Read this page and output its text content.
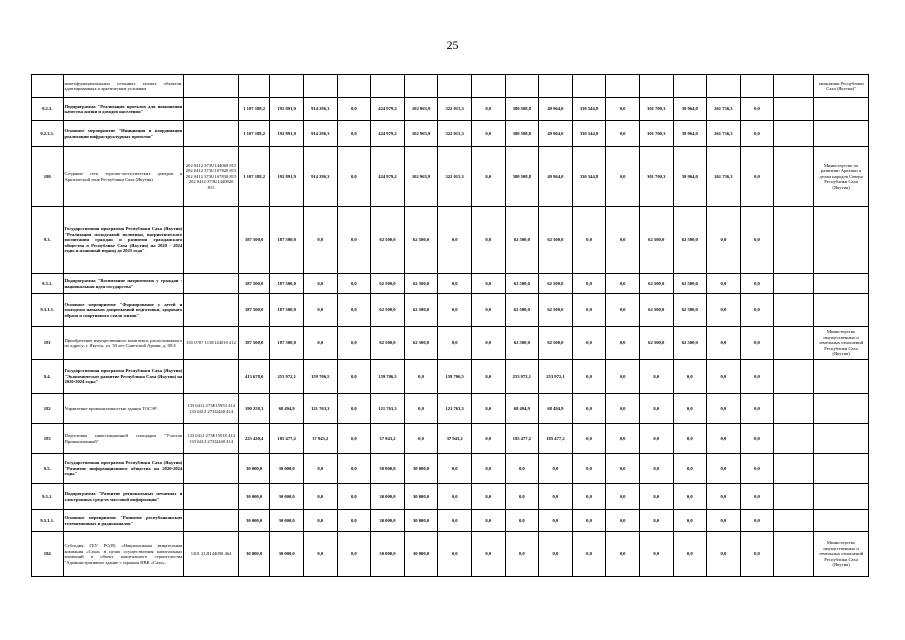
25
	многофункциональных сезонных теплых объектов, адаптированных к арктическим условиям																			экономики Республики Саха (Якутия)"
9.2.3.	Подпрограмма "Реализация проектов для повышения качества жизни и доходов населения"		1 107 188,2	192 891,9	914 296,3	0,0	424 979,2	102 963,9	322 015,3	0,0	380 508,8	49 964,0	330 544,8	0,0	301 700,3	39 964,0	261 736,3	0,0		
9.2.3.1.	Основное мероприятие "Инициация и координация реализации инфраструктурных проектов"		1 107 188,2	192 891,9	914 296,3	0,0	424 979,2	102 963,9	322 015,3	0,0	380 508,8	49 964,0	330 544,8	0,0	301 700,3	39 964,0	261 736,3	0,0		
180	Создание сети торгово-логистических центров в Арктической зоне Республики Саха (Якутия)	202 0412 373U144060 815 202 0412 373U1S7820 815 202 0412 373U1S7830 815 202 0412 373U1440820 815	1 107 188,2	192 891,9	914 296,3	0,0	424 979,2	102 963,9	322 015,3	0,0	380 508,8	49 964,0	330 544,8	0,0	301 700,3	39 964,0	261 736,3	0,0		Министерство по развитию Арктики и делам народов Севера Республики Саха (Якутия)
9.3.	Государственная программа Республики Саха (Якутия) "Реализация молодежной политики, патриотического воспитания граждан и развития гражданского общества в Республике Саха (Якутия) на 2020 - 2024 годы и плановый период до 2025 года"		187 500,0	187 500,0	0,0	0,0	62 500,0	62 500,0	0,0	0,0	62 500,0	62 500,0	0,0	0,0	62 500,0	62 500,0	0,0	0,0		
9.3.1.	Подпрограмма "Воспитание патриотизма у граждан - национальная идея государства"		187 500,0	187 500,0	0,0	0,0	62 500,0	62 500,0	0,0	0,0	62 500,0	62 500,0	0,0	0,0	62 500,0	62 500,0	0,0	0,0		
9.3.1.1.	Основное мероприятие "Формирование у детей и молодежи навыков допризывной подготовки, здорового образа и спортивного стиля жизни"		187 500,0	187 500,0	0,0	0,0	62 500,0	62 500,0	0,0	0,0	62 500,0	62 500,0	0,0	0,0	62 500,0	62 500,0	0,0	0,0		
181	Приобретение имущественного комплекса, расположенного по адресу: г. Якутск, ул. 50 лет Советской Армии, д. 80/4	165 0707 113E144010 412	187 500,0	187 500,0	0,0	0,0	62 500,0	62 500,0	0,0	0,0	62 500,0	62 500,0	0,0	0,0	62 500,0	62 500,0	0,0	0,0		Министерство имущественных и земельных отношений Республики Саха (Якутия)
9.4.	Государственная программа Республики Саха (Якутия) "Экономическое развитие Республики Саха (Якутия) на 2020-2024 годы"		413 678,6	253 972,1	159 706,5	0,0	159 706,5	0,0	159 706,5	0,0	253 972,1	253 972,1	0,0	0,0	0,0	0,0	0,0	0,0		
182	Управление промышленностью здания ТОСЭР	133 0412 273E15953 414 133 0412 273I2440 414	190 258,3	68 494,9	121 763,3	0,0	121 763,3	0,0	121 763,3	0,0	68 494,9	68 494,9	0,0	0,0	0,0	0,0	0,0	0,0		
183	Подготовка инвестиционной площадки "Участок Промышленный"	133 0412 273E15918 414 133 0412 273I2440 414	223 420,4	185 477,2	37 943,2	0,0	37 943,2	0,0	37 943,2	0,0	185 477,2	185 477,2	0,0	0,0	0,0	0,0	0,0	0,0		
9.5.	Государственная программа Республики Саха (Якутия) "Развитие информационного общества на 2020-2024 годы"		30 000,0	30 000,0	0,0	0,0	30 000,0	30 000,0	0,0	0,0	0,0	0,0	0,0	0,0	0,0	0,0	0,0	0,0		
9.5.1.	Подпрограмма "Развитие региональных печатных и электронных средств массовой информации"		30 000,0	30 000,0	0,0	0,0	30 000,0	30 000,0	0,0	0,0	0,0	0,0	0,0	0,0	0,0	0,0	0,0	0,0		
9.5.1.1.	Основное мероприятие "Развитие республиканских телевизионных и радиоканалов"		30 000,0	30 000,0	0,0	0,0	30 000,0	30 000,0	0,0	0,0	0,0	0,0	0,0	0,0	0,0	0,0	0,0	0,0		
184	Субсидия ГБУ РС(Я) «Национальная вещательная компания «Саха» в целях осуществления капитальных вложений в объект капитального строительства "Административное здание с гаражом НВК «Саха»,	1201 212I144090 464	30 000,0	30 000,0	0,0	0,0	30 000,0	30 000,0	0,0	0,0	0,0	0,0	0,0	0,0	0,0	0,0	0,0	0,0		Министерство имущественных и земельных отношений Республики Саха (Якутия)
